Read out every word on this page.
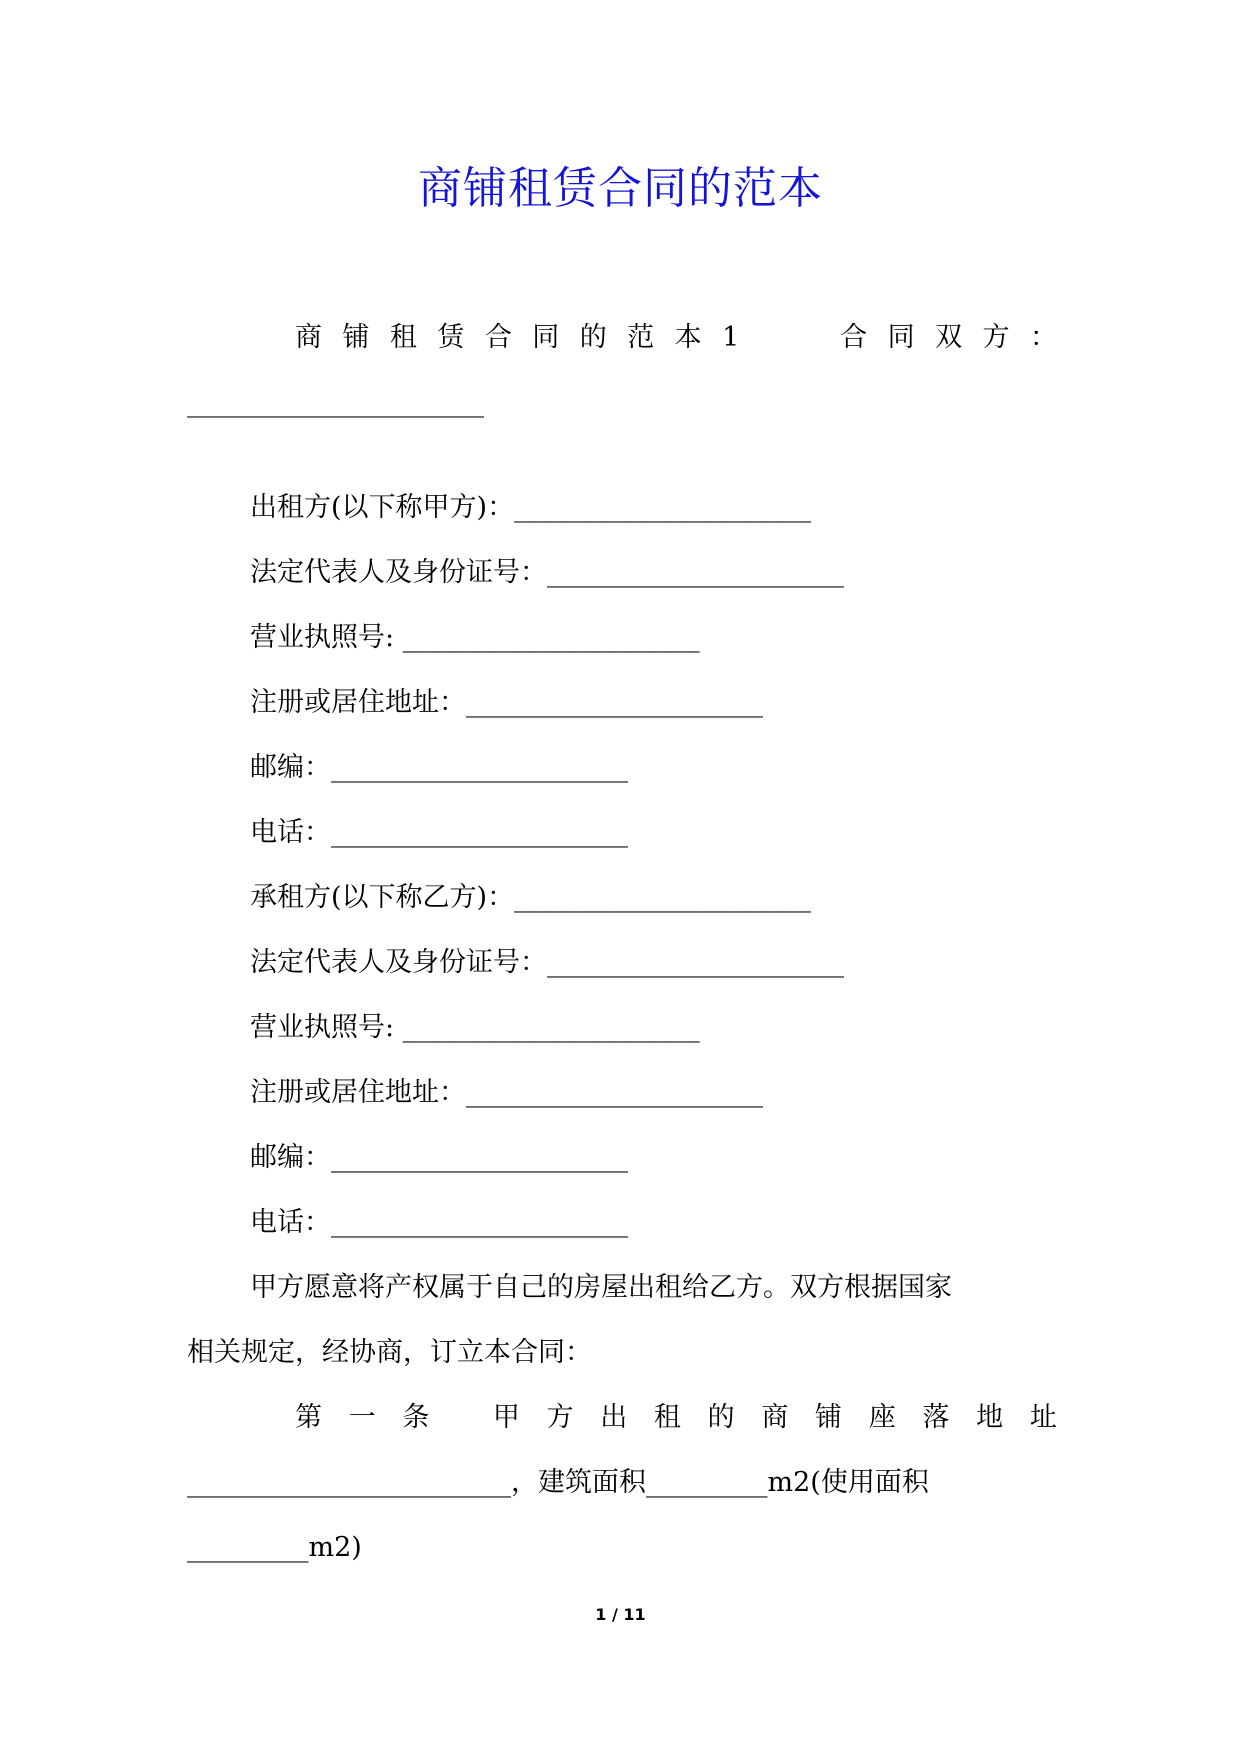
商铺租赁合同的范本
商 铺 租 赁 合 同 的 范 本 1	合 同 双 方 ：
______________________
出租方(以下称甲方)：______________________
法定代表人及身份证号：______________________
营业执照号: ______________________
注册或居住地址：______________________
邮编：______________________
电话：______________________
承租方(以下称乙方)：______________________
法定代表人及身份证号：______________________
营业执照号: ______________________
注册或居住地址：______________________
邮编：______________________
电话：______________________
甲方愿意将产权属于自己的房屋出租给乙方。双方根据国家
相关规定，经协商，订立本合同：
第 一 条 甲 方 出 租 的 商 铺 座 落 地 址
________________________，建筑面积_________m2(使用面积
_________m2)
1 / 11
